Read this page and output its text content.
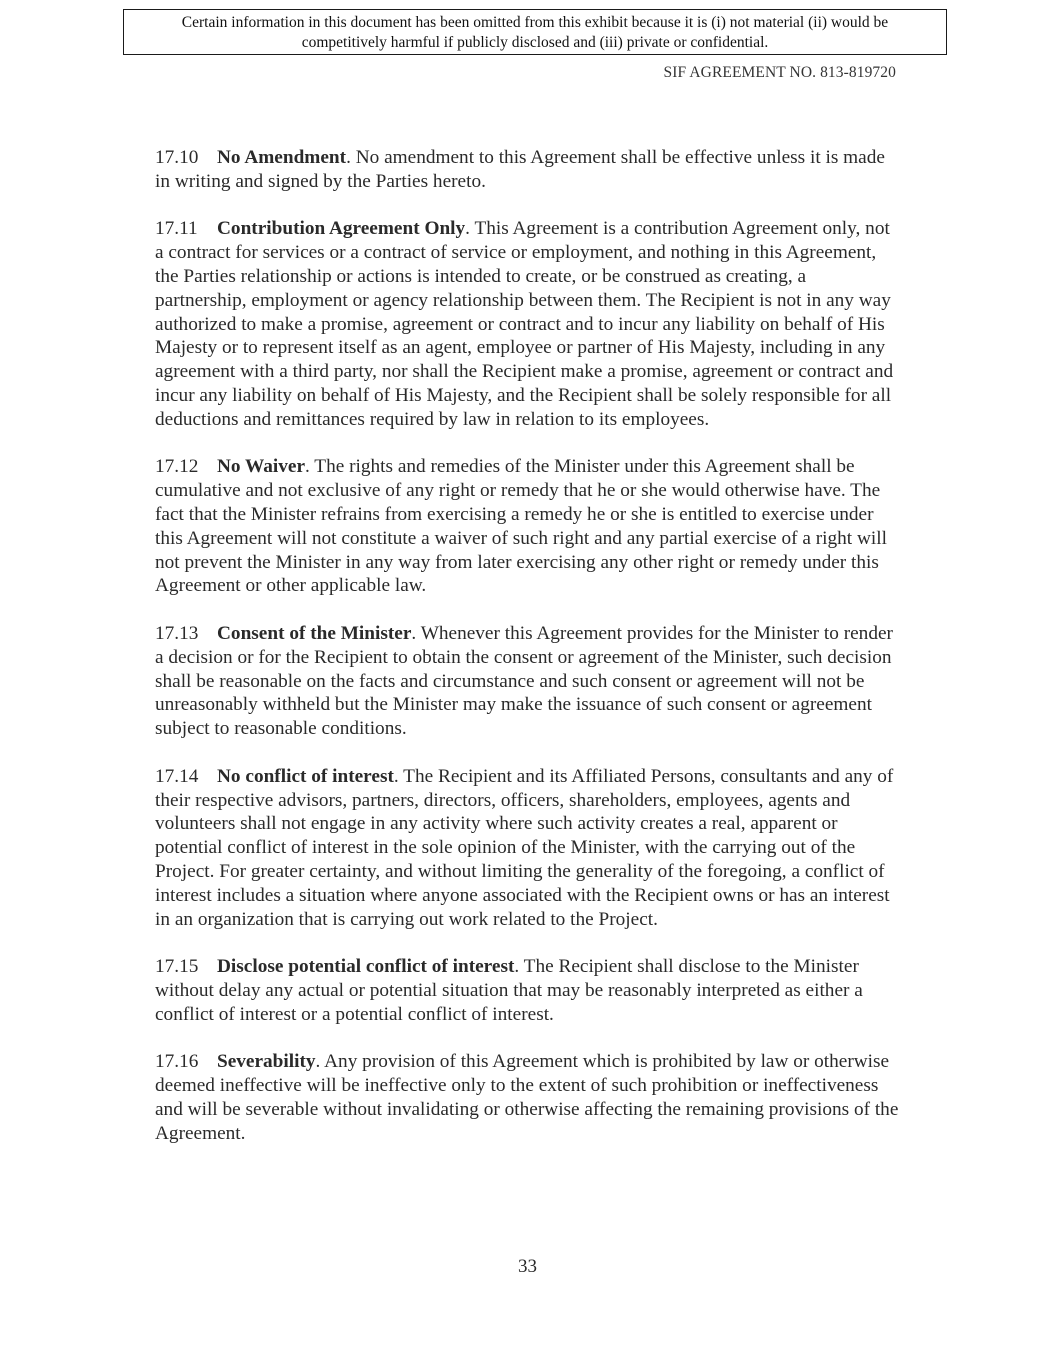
Certain information in this document has been omitted from this exhibit because it is (i) not material (ii) would be
competitively harmful if publicly disclosed and (iii) private or confidential.
SIF AGREEMENT NO. 813-819720

17.10 No Amendment. No amendment to this Agreement shall be effective unless it is made in writing and signed by the Parties hereto.

17.11 Contribution Agreement Only. This Agreement is a contribution Agreement only, not a contract for services or a contract of service or employment, and nothing in this Agreement, the Parties relationship or actions is intended to create, or be construed as creating, a partnership, employment or agency relationship between them. The Recipient is not in any way authorized to make a promise, agreement or contract and to incur any liability on behalf of His Majesty or to represent itself as an agent, employee or partner of His Majesty, including in any agreement with a third party, nor shall the Recipient make a promise, agreement or contract and incur any liability on behalf of His Majesty, and the Recipient shall be solely responsible for all deductions and remittances required by law in relation to its employees.

17.12 No Waiver. The rights and remedies of the Minister under this Agreement shall be cumulative and not exclusive of any right or remedy that he or she would otherwise have. The fact that the Minister refrains from exercising a remedy he or she is entitled to exercise under this Agreement will not constitute a waiver of such right and any partial exercise of a right will not prevent the Minister in any way from later exercising any other right or remedy under this Agreement or other applicable law.

17.13 Consent of the Minister. Whenever this Agreement provides for the Minister to render a decision or for the Recipient to obtain the consent or agreement of the Minister, such decision shall be reasonable on the facts and circumstance and such consent or agreement will not be unreasonably withheld but the Minister may make the issuance of such consent or agreement subject to reasonable conditions.

17.14 No conflict of interest. The Recipient and its Affiliated Persons, consultants and any of their respective advisors, partners, directors, officers, shareholders, employees, agents and volunteers shall not engage in any activity where such activity creates a real, apparent or potential conflict of interest in the sole opinion of the Minister, with the carrying out of the Project. For greater certainty, and without limiting the generality of the foregoing, a conflict of interest includes a situation where anyone associated with the Recipient owns or has an interest in an organization that is carrying out work related to the Project.

17.15 Disclose potential conflict of interest. The Recipient shall disclose to the Minister without delay any actual or potential situation that may be reasonably interpreted as either a conflict of interest or a potential conflict of interest.

17.16 Severability. Any provision of this Agreement which is prohibited by law or otherwise deemed ineffective will be ineffective only to the extent of such prohibition or ineffectiveness and will be severable without invalidating or otherwise affecting the remaining provisions of the Agreement.

33
